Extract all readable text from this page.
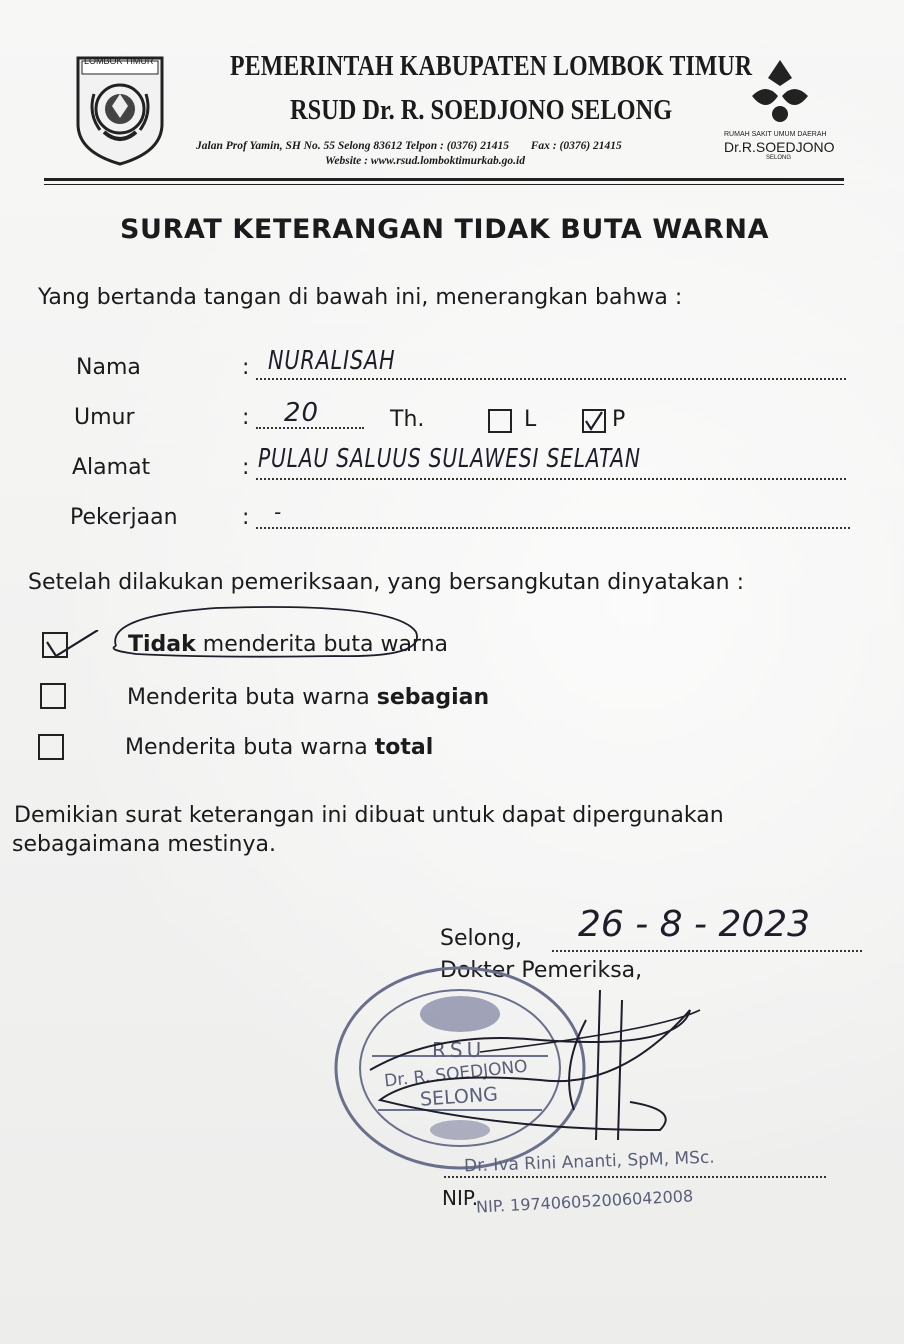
LOMBOK TIMUR	PEMERINTAH KABUPATEN LOMBOK TIMUR
RSUD Dr. R. SOEDJONO SELONG
Jalan Prof Yamin, SH No. 55 Selong 83612 Telpon : (0376) 21415 Fax : (0376) 21415
Website : www.rsud.lomboktimurkab.go.id
RUMAH SAKIT UMUM DAERAH
Dr.R.SOEDJONO
SELONG
SURAT KETERANGAN TIDAK BUTA WARNA
Yang bertanda tangan di bawah ini, menerangkan bahwa :
Nama	: NURALISAH
Umur	: 20	Th.	L	P
Alamat	: PULAU SALUUS SULAWESI SELATAN
Pekerjaan	: -
Setelah dilakukan pemeriksaan, yang bersangkutan dinyatakan :
Tidak menderita buta warna
Menderita buta warna sebagian
Menderita buta warna total
Demikian surat keterangan ini dibuat untuk dapat dipergunakan
sebagaimana mestinya.
Selong, 26 - 8 - 2023
Dokter Pemeriksa,
RSU
Dr. R. SOEDJONO
SELONG
Dr. Iva Rini Ananti, SpM, MSc.
NIP.
NIP. 197406052006042008
